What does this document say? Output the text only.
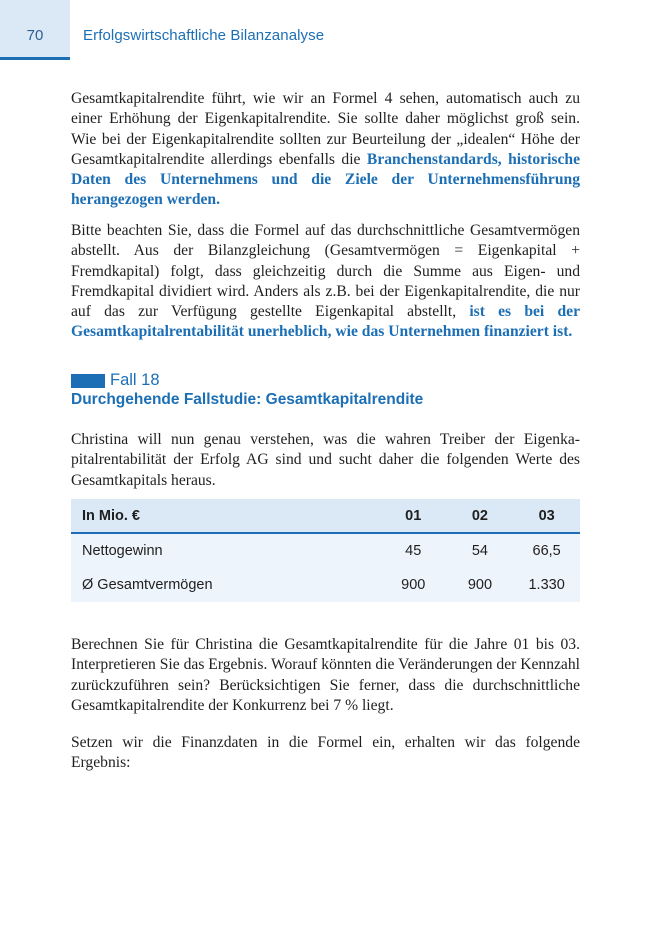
70	Erfolgswirtschaftliche Bilanzanalyse

Gesamtkapitalrendite führt, wie wir an Formel 4 sehen, automatisch auch zu einer Erhöhung der Eigenkapitalrendite. Sie sollte daher möglichst groß sein. Wie bei der Eigenkapitalrendite sollten zur Beurteilung der „idealen“ Höhe der Gesamtkapitalrendite allerdings ebenfalls die Branchenstandards, historische Daten des Unternehmens und die Ziele der Unternehmensführung herangezogen werden.

Bitte beachten Sie, dass die Formel auf das durchschnittliche Gesamtvermögen abstellt. Aus der Bilanzgleichung (Gesamtvermögen = Eigenkapital + Fremdkapital) folgt, dass gleichzeitig durch die Summe aus Eigen- und Fremdkapital dividiert wird. Anders als z.B. bei der Eigenkapitalrendite, die nur auf das zur Verfügung gestellte Eigenkapital abstellt, ist es bei der Gesamtkapitalrentabilität unerheblich, wie das Unternehmen finanziert ist.

Fall 18
Durchgehende Fallstudie: Gesamtkapitalrendite

Christina will nun genau verstehen, was die wahren Treiber der Eigenkapitalrentabilität der Erfolg AG sind und sucht daher die folgenden Werte des Gesamtkapitals heraus.

In Mio. €	01	02	03
Nettogewinn	45	54	66,5
Ø Gesamtvermögen	900	900	1.330

Berechnen Sie für Christina die Gesamtkapitalrendite für die Jahre 01 bis 03. Interpretieren Sie das Ergebnis. Worauf könnten die Veränderungen der Kennzahl zurückzuführen sein? Berücksichtigen Sie ferner, dass die durchschnittliche Gesamtkapitalrendite der Konkurrenz bei 7 % liegt.

Setzen wir die Finanzdaten in die Formel ein, erhalten wir das folgende Ergebnis:
